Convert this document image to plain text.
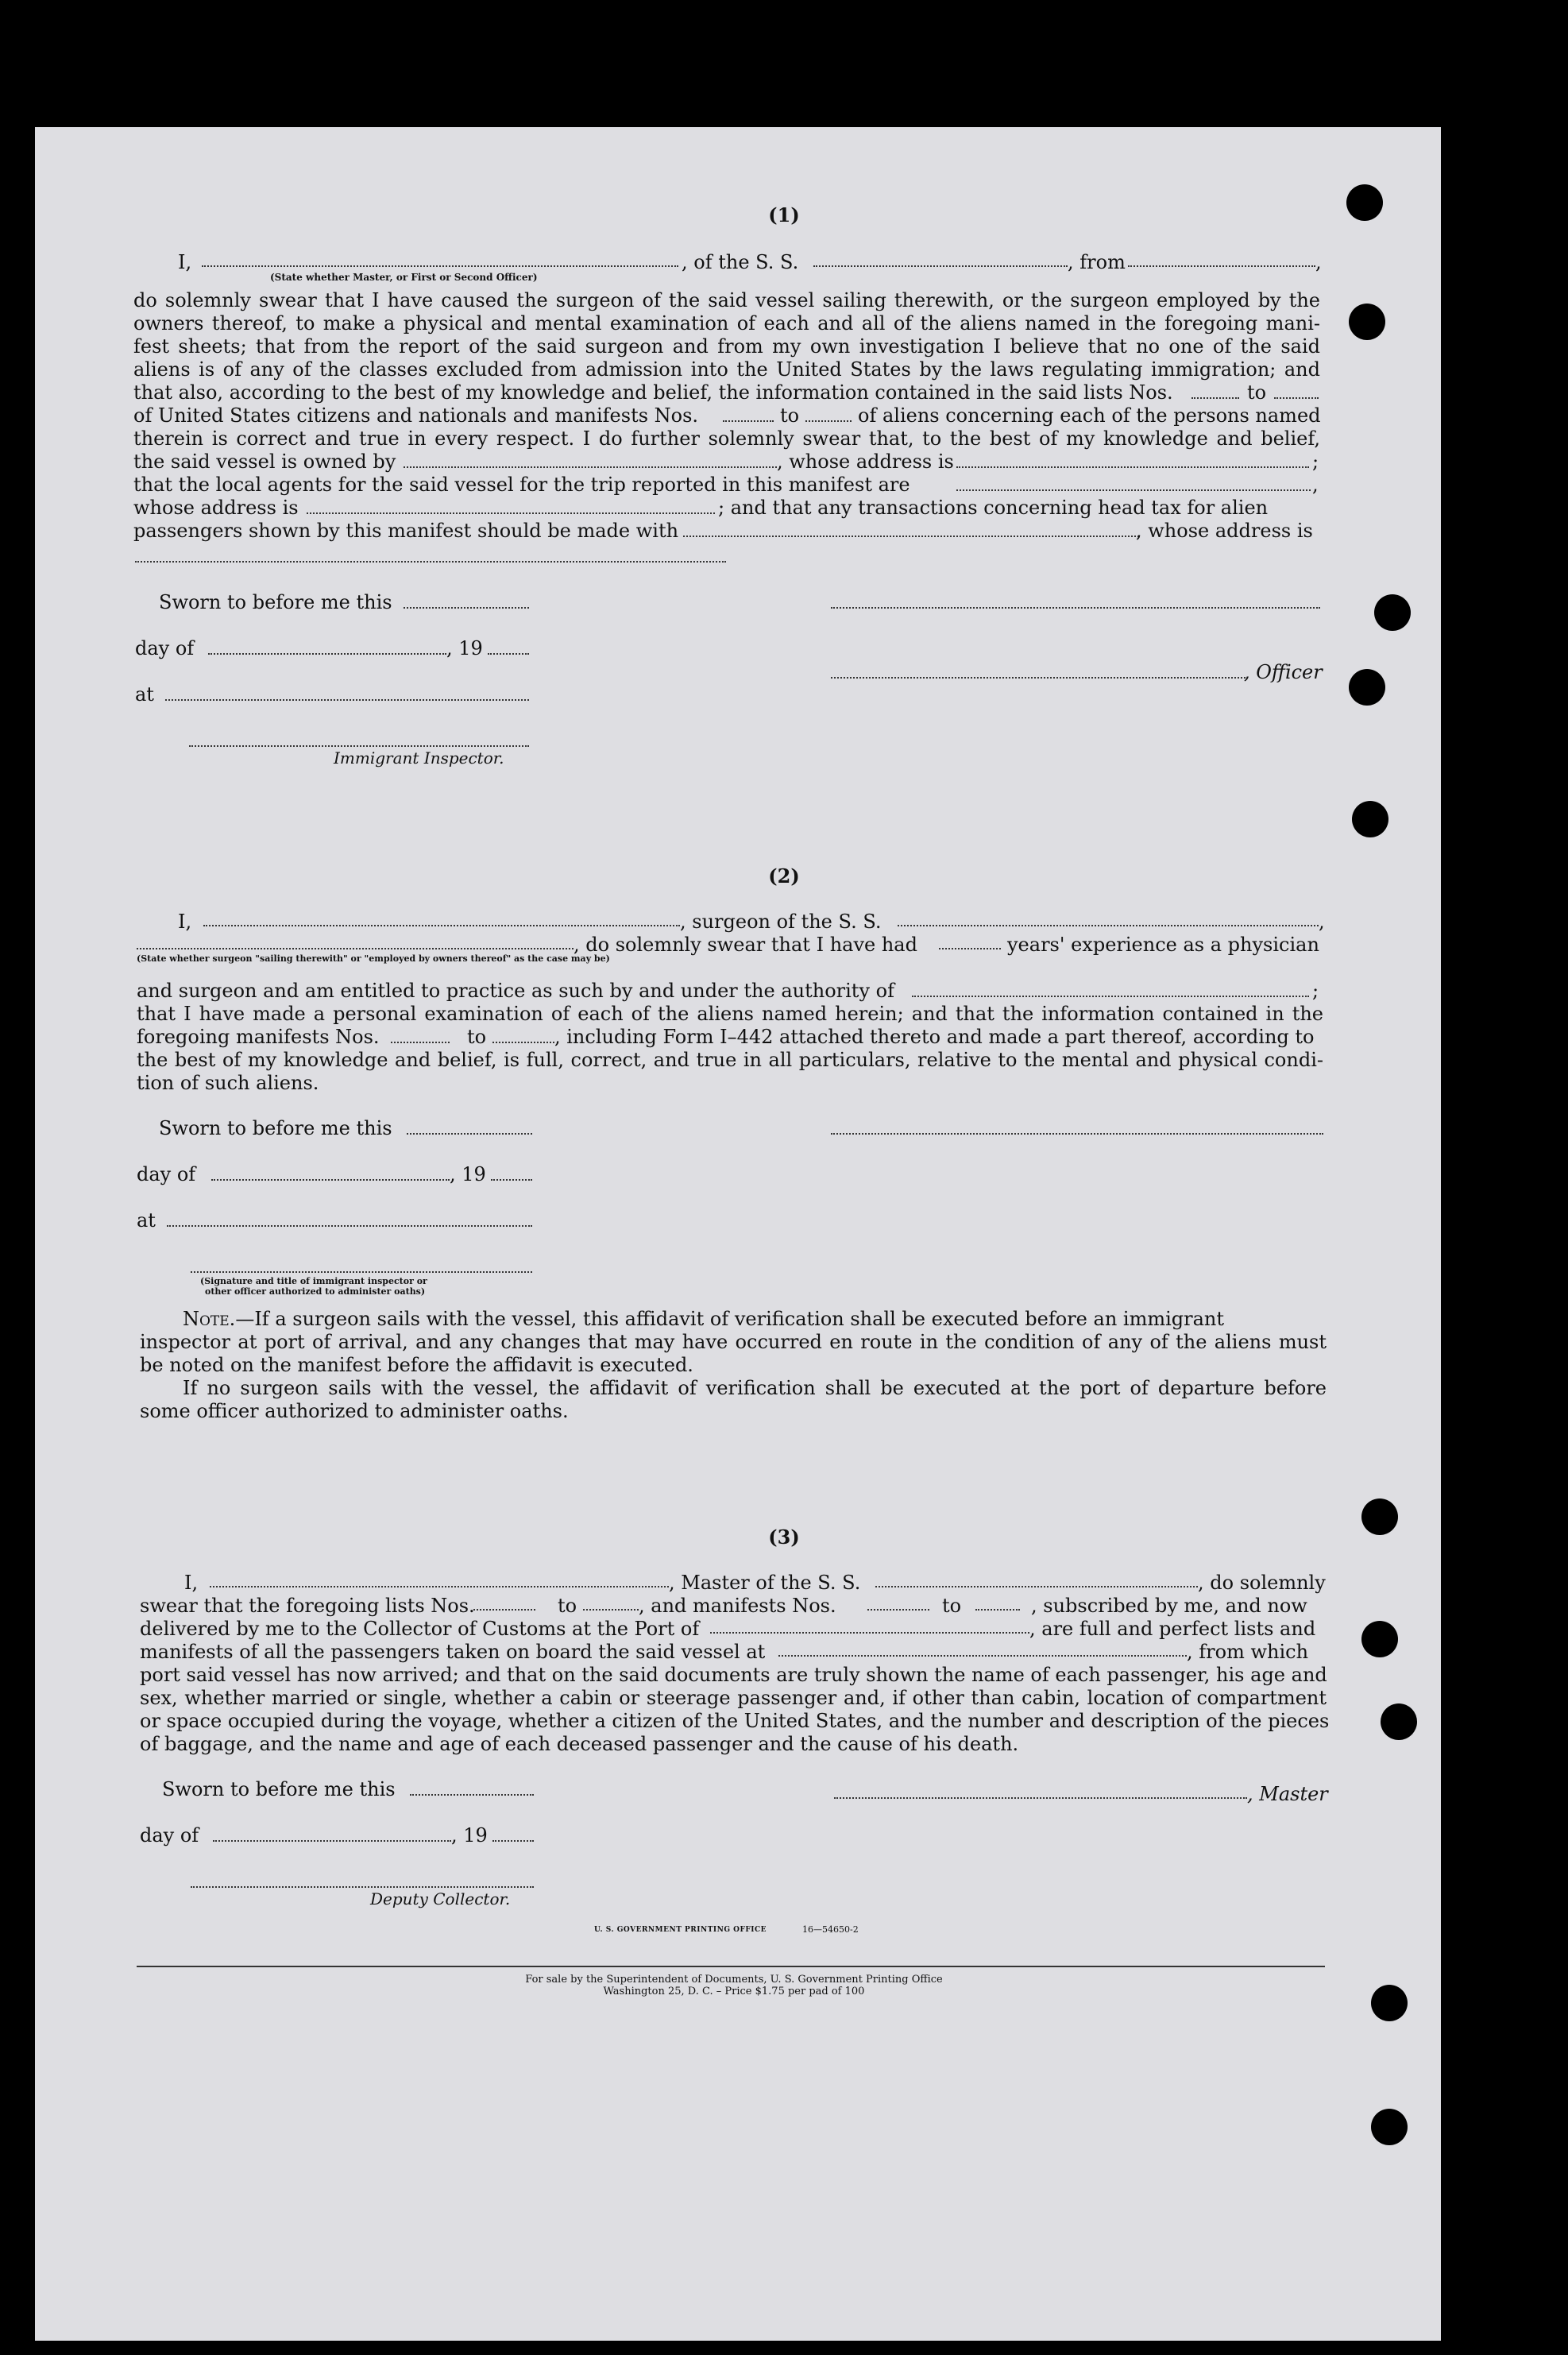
(1)
I,	, of the S. S.	, from	,
(State whether Master, or First or Second Officer)
do solemnly swear that I have caused the surgeon of the said vessel sailing therewith, or the surgeon employed by the
owners thereof, to make a physical and mental examination of each and all of the aliens named in the foregoing mani-
fest sheets; that from the report of the said surgeon and from my own investigation I believe that no one of the said
aliens is of any of the classes excluded from admission into the United States by the laws regulating immigration; and
that also, according to the best of my knowledge and belief, the information contained in the said lists Nos.	to
of United States citizens and nationals and manifests Nos.	to	of aliens concerning each of the persons named
therein is correct and true in every respect. I do further solemnly swear that, to the best of my knowledge and belief,
the said vessel is owned by	, whose address is	;
that the local agents for the said vessel for the trip reported in this manifest are	,
whose address is	; and that any transactions concerning head tax for alien
passengers shown by this manifest should be made with	, whose address is
Sworn to before me this
day of	, 19
, Officer
at
Immigrant Inspector.
(2)
I,	, surgeon of the S. S.	,
, do solemnly swear that I have had	years' experience as a physician
(State whether surgeon "sailing therewith" or "employed by owners thereof" as the case may be)
and surgeon and am entitled to practice as such by and under the authority of	;
that I have made a personal examination of each of the aliens named herein; and that the information contained in the
foregoing manifests Nos.	to	, including Form I–442 attached thereto and made a part thereof, according to
the best of my knowledge and belief, is full, correct, and true in all particulars, relative to the mental and physical condi-
tion of such aliens.
Sworn to before me this
day of	, 19
at
(Signature and title of immigrant inspector or
other officer authorized to administer oaths)
Note.—If a surgeon sails with the vessel, this affidavit of verification shall be executed before an immigrant
inspector at port of arrival, and any changes that may have occurred en route in the condition of any of the aliens must
be noted on the manifest before the affidavit is executed.
If no surgeon sails with the vessel, the affidavit of verification shall be executed at the port of departure before
some officer authorized to administer oaths.
(3)
I,	, Master of the S. S.	, do solemnly
swear that the foregoing lists Nos.	to	, and manifests Nos.	to	, subscribed by me, and now
delivered by me to the Collector of Customs at the Port of	, are full and perfect lists and
manifests of all the passengers taken on board the said vessel at	, from which
port said vessel has now arrived; and that on the said documents are truly shown the name of each passenger, his age and
sex, whether married or single, whether a cabin or steerage passenger and, if other than cabin, location of compartment
or space occupied during the voyage, whether a citizen of the United States, and the number and description of the pieces
of baggage, and the name and age of each deceased passenger and the cause of his death.
Sworn to before me this	, Master
day of	, 19
Deputy Collector.
U. S. GOVERNMENT PRINTING OFFICE	16—54650-2
For sale by the Superintendent of Documents, U. S. Government Printing Office
Washington 25, D. C. – Price $1.75 per pad of 100
